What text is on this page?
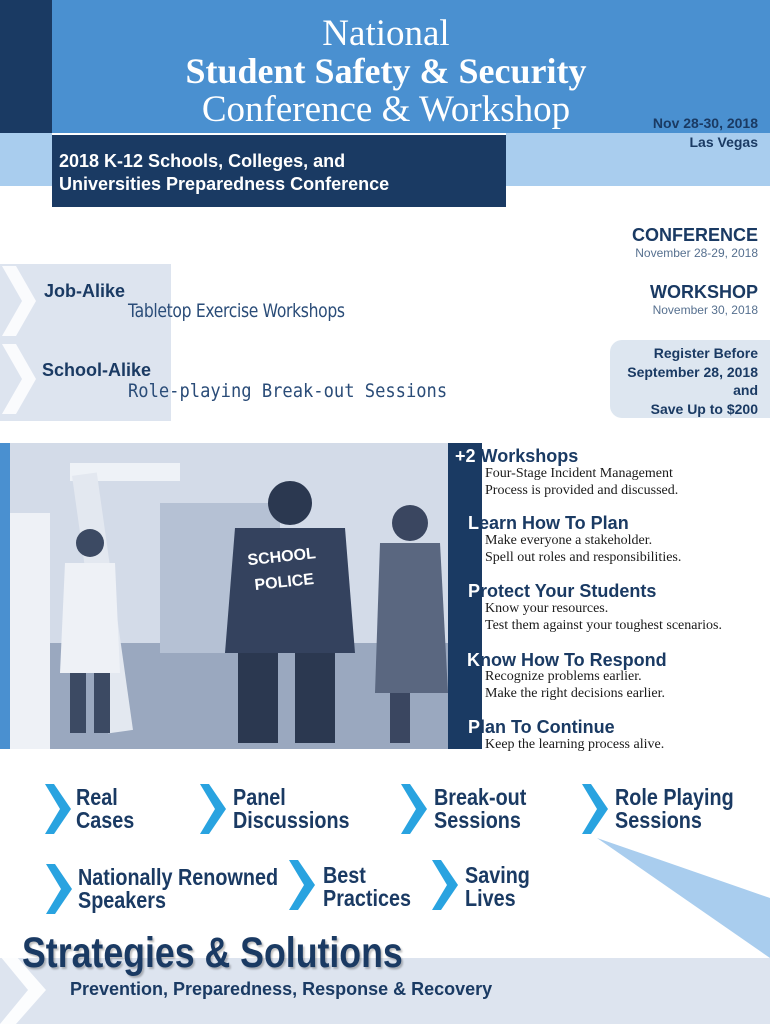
National
Student Safety & Security
Conference & Workshop
2018 K-12 Schools, Colleges, and
Universities Preparedness Conference
Nov 28-30, 2018
Las Vegas
CONFERENCE
November 28-29, 2018
WORKSHOP
November 30, 2018
Register Before
September 28, 2018
and
Save Up to $200
Job-Alike
Tabletop Exercise Workshops
School-Alike
Role-playing Break-out Sessions
SCHOOL
POLICE
+2 Workshops
Four-Stage Incident Management
Process is provided and discussed.
Learn How To Plan
Make everyone a stakeholder.
Spell out roles and responsibilities.
Protect Your Students
Know your resources.
Test them against your toughest scenarios.
Know How To Respond
Recognize problems earlier.
Make the right decisions earlier.
Plan To Continue
Keep the learning process alive.
Real
Cases
Panel
Discussions
Break-out
Sessions
Role Playing
Sessions
Nationally Renowned
Speakers
Best
Practices
Saving
Lives
Strategies & Solutions
Prevention, Preparedness, Response & Recovery
